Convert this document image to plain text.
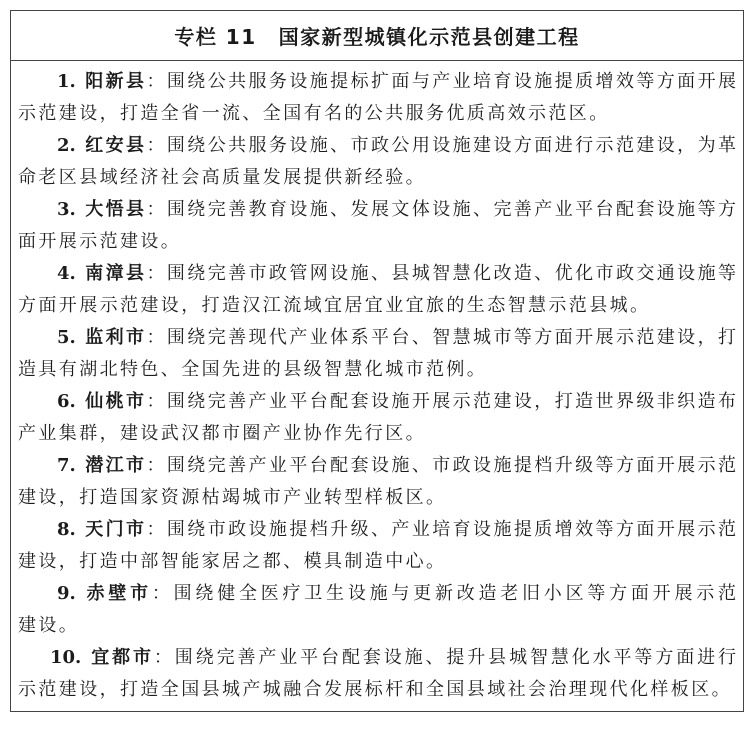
专栏 11 国家新型城镇化示范县创建工程
1. 阳新县：围绕公共服务设施提标扩面与产业培育设施提质增效等方面开展
示范建设，打造全省一流、全国有名的公共服务优质高效示范区。
2. 红安县：围绕公共服务设施、市政公用设施建设方面进行示范建设，为革
命老区县域经济社会高质量发展提供新经验。
3. 大悟县：围绕完善教育设施、发展文体设施、完善产业平台配套设施等方
面开展示范建设。
4. 南漳县：围绕完善市政管网设施、县城智慧化改造、优化市政交通设施等
方面开展示范建设，打造汉江流域宜居宜业宜旅的生态智慧示范县城。
5. 监利市：围绕完善现代产业体系平台、智慧城市等方面开展示范建设，打
造具有湖北特色、全国先进的县级智慧化城市范例。
6. 仙桃市：围绕完善产业平台配套设施开展示范建设，打造世界级非织造布
产业集群，建设武汉都市圈产业协作先行区。
7. 潜江市：围绕完善产业平台配套设施、市政设施提档升级等方面开展示范
建设，打造国家资源枯竭城市产业转型样板区。
8. 天门市：围绕市政设施提档升级、产业培育设施提质增效等方面开展示范
建设，打造中部智能家居之都、模具制造中心。
9. 赤壁市：围绕健全医疗卫生设施与更新改造老旧小区等方面开展示范
建设。
10. 宜都市：围绕完善产业平台配套设施、提升县城智慧化水平等方面进行
示范建设，打造全国县城产城融合发展标杆和全国县域社会治理现代化样板区。
